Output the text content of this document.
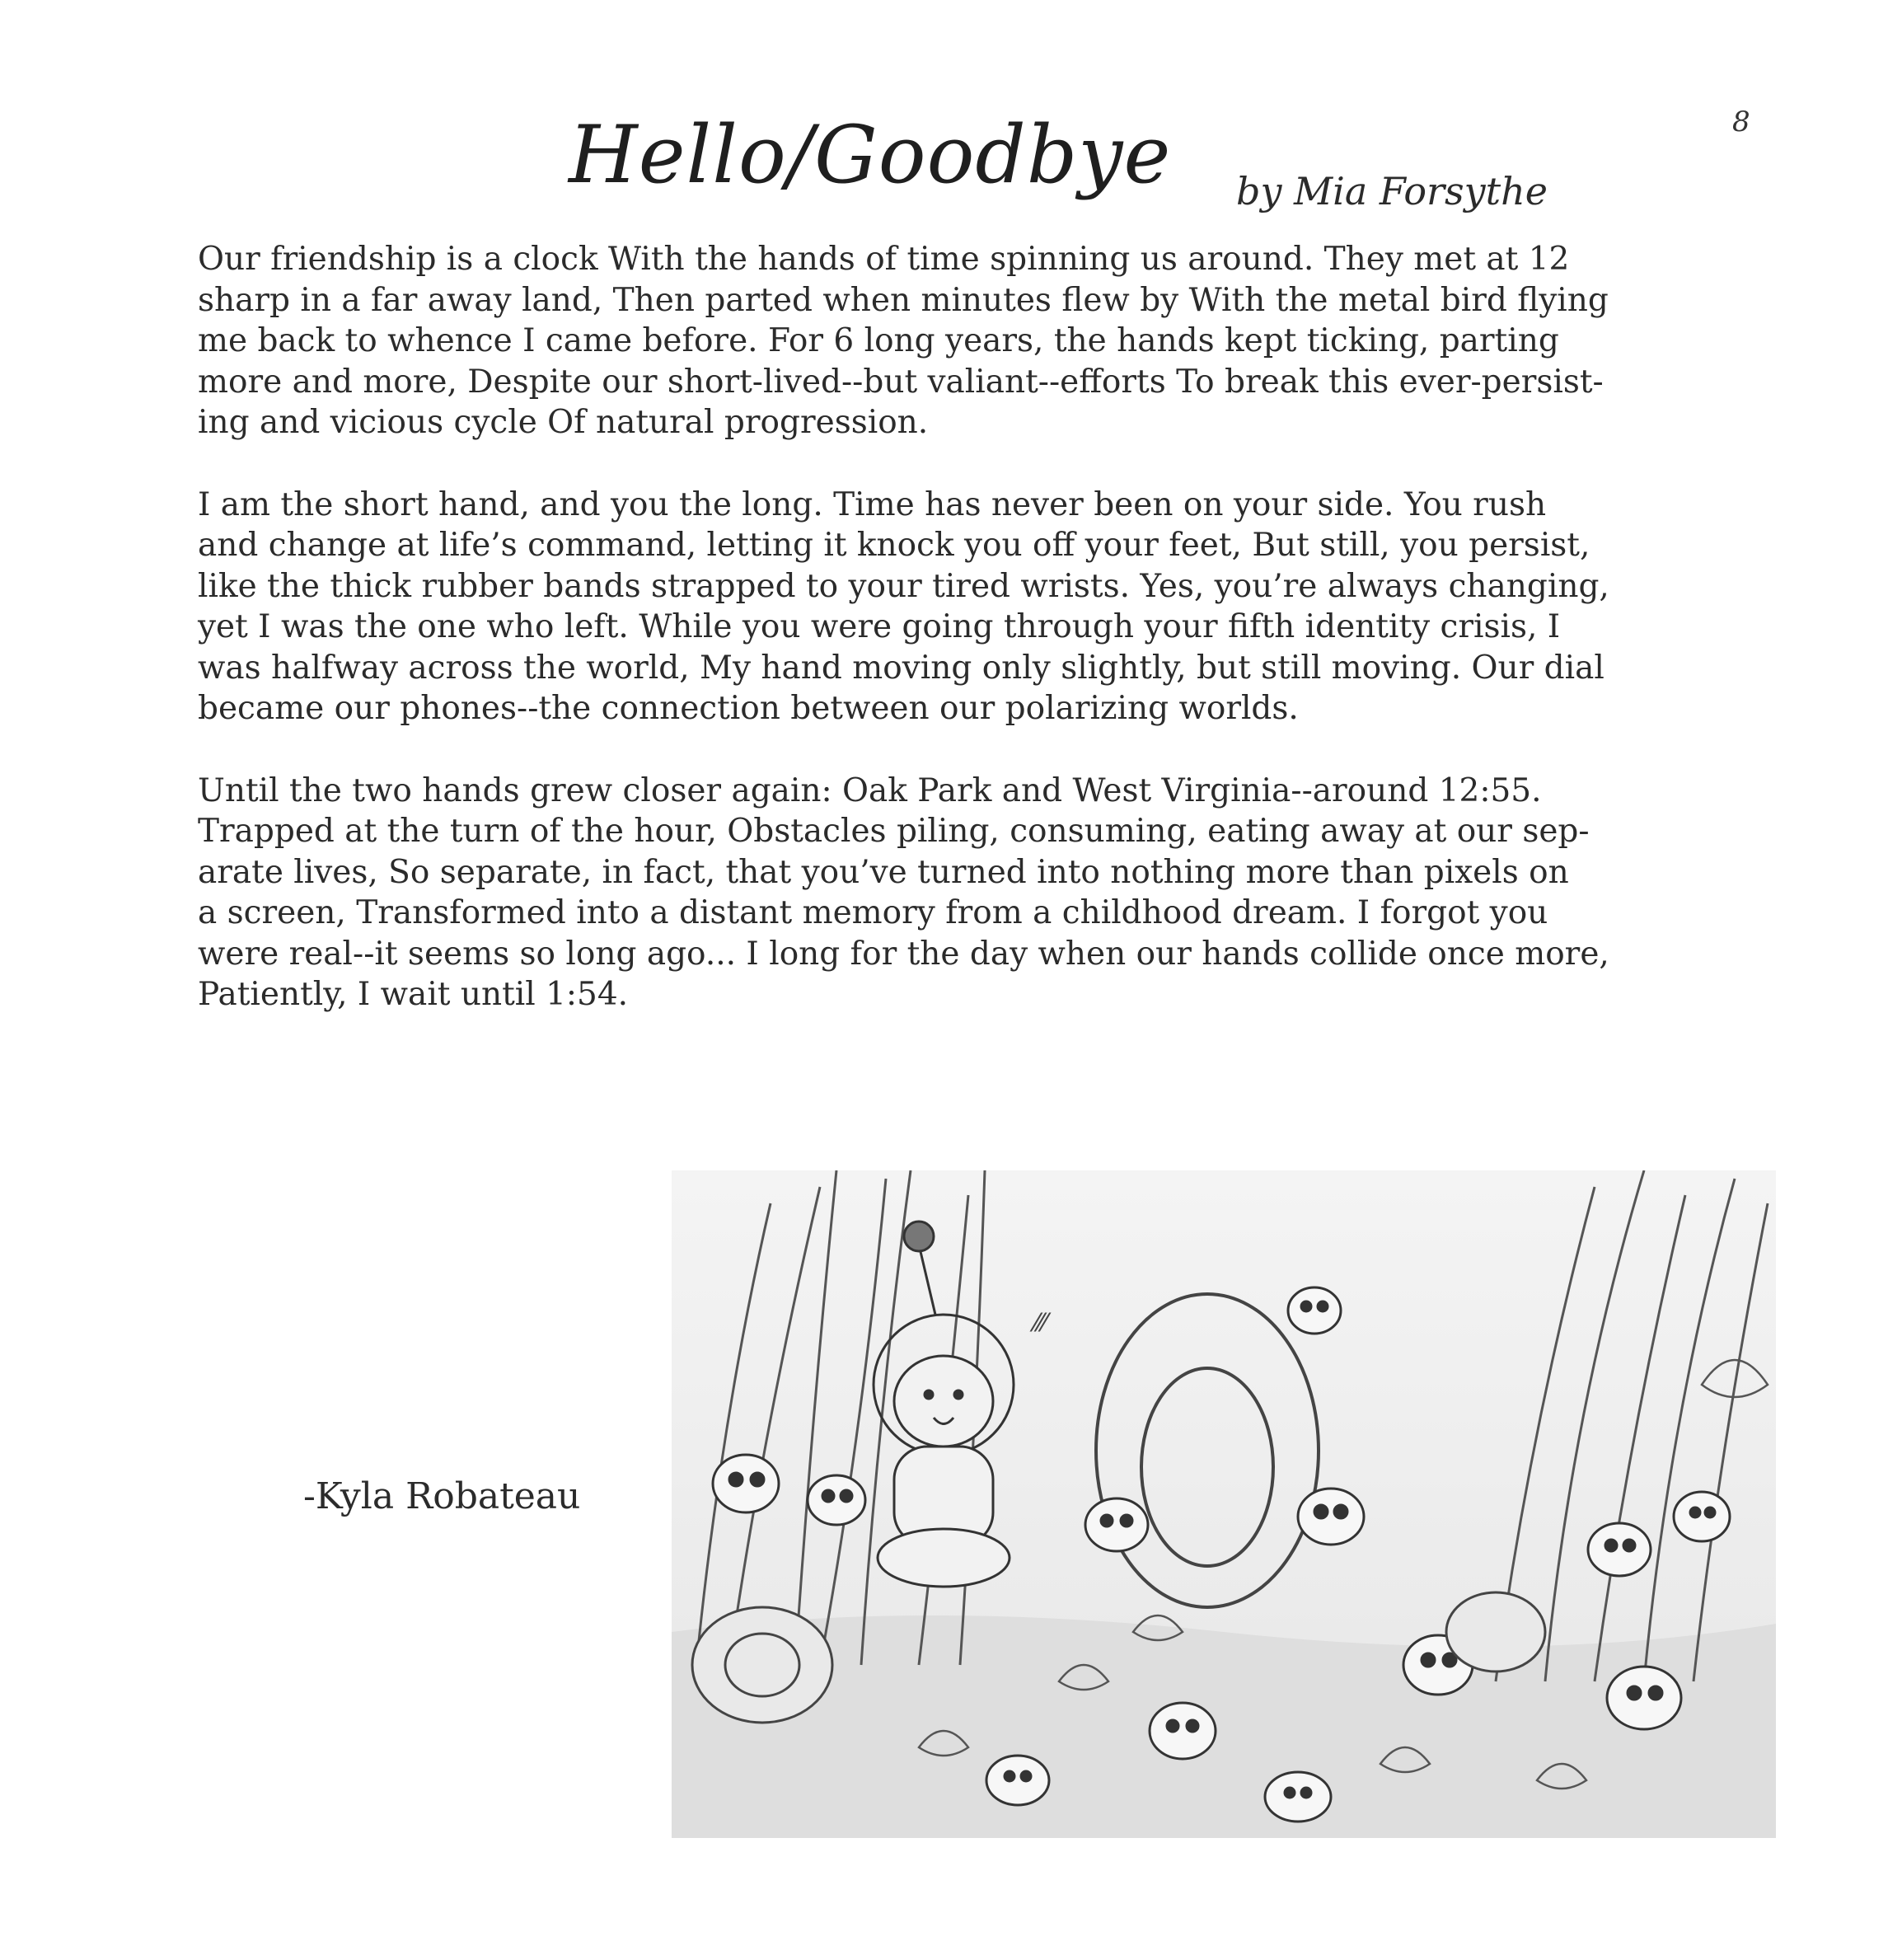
8
Hello/Goodbye by Mia Forsythe

Our friendship is a clock With the hands of time spinning us around. They met at 12
sharp in a far away land, Then parted when minutes flew by With the metal bird flying
me back to whence I came before. For 6 long years, the hands kept ticking, parting
more and more, Despite our short-lived--but valiant--efforts To break this ever-persist-
ing and vicious cycle Of natural progression.

I am the short hand, and you the long. Time has never been on your side. You rush
and change at life’s command, letting it knock you off your feet, But still, you persist,
like the thick rubber bands strapped to your tired wrists. Yes, you’re always changing,
yet I was the one who left. While you were going through your fifth identity crisis, I
was halfway across the world, My hand moving only slightly, but still moving. Our dial
became our phones--the connection between our polarizing worlds.

Until the two hands grew closer again: Oak Park and West Virginia--around 12:55.
Trapped at the turn of the hour, Obstacles piling, consuming, eating away at our sep-
arate lives, So separate, in fact, that you’ve turned into nothing more than pixels on
a screen, Transformed into a distant memory from a childhood dream. I forgot you
were real--it seems so long ago... I long for the day when our hands collide once more,
Patiently, I wait until 1:54.

-Kyla Robateau
⁄⁄⁄
